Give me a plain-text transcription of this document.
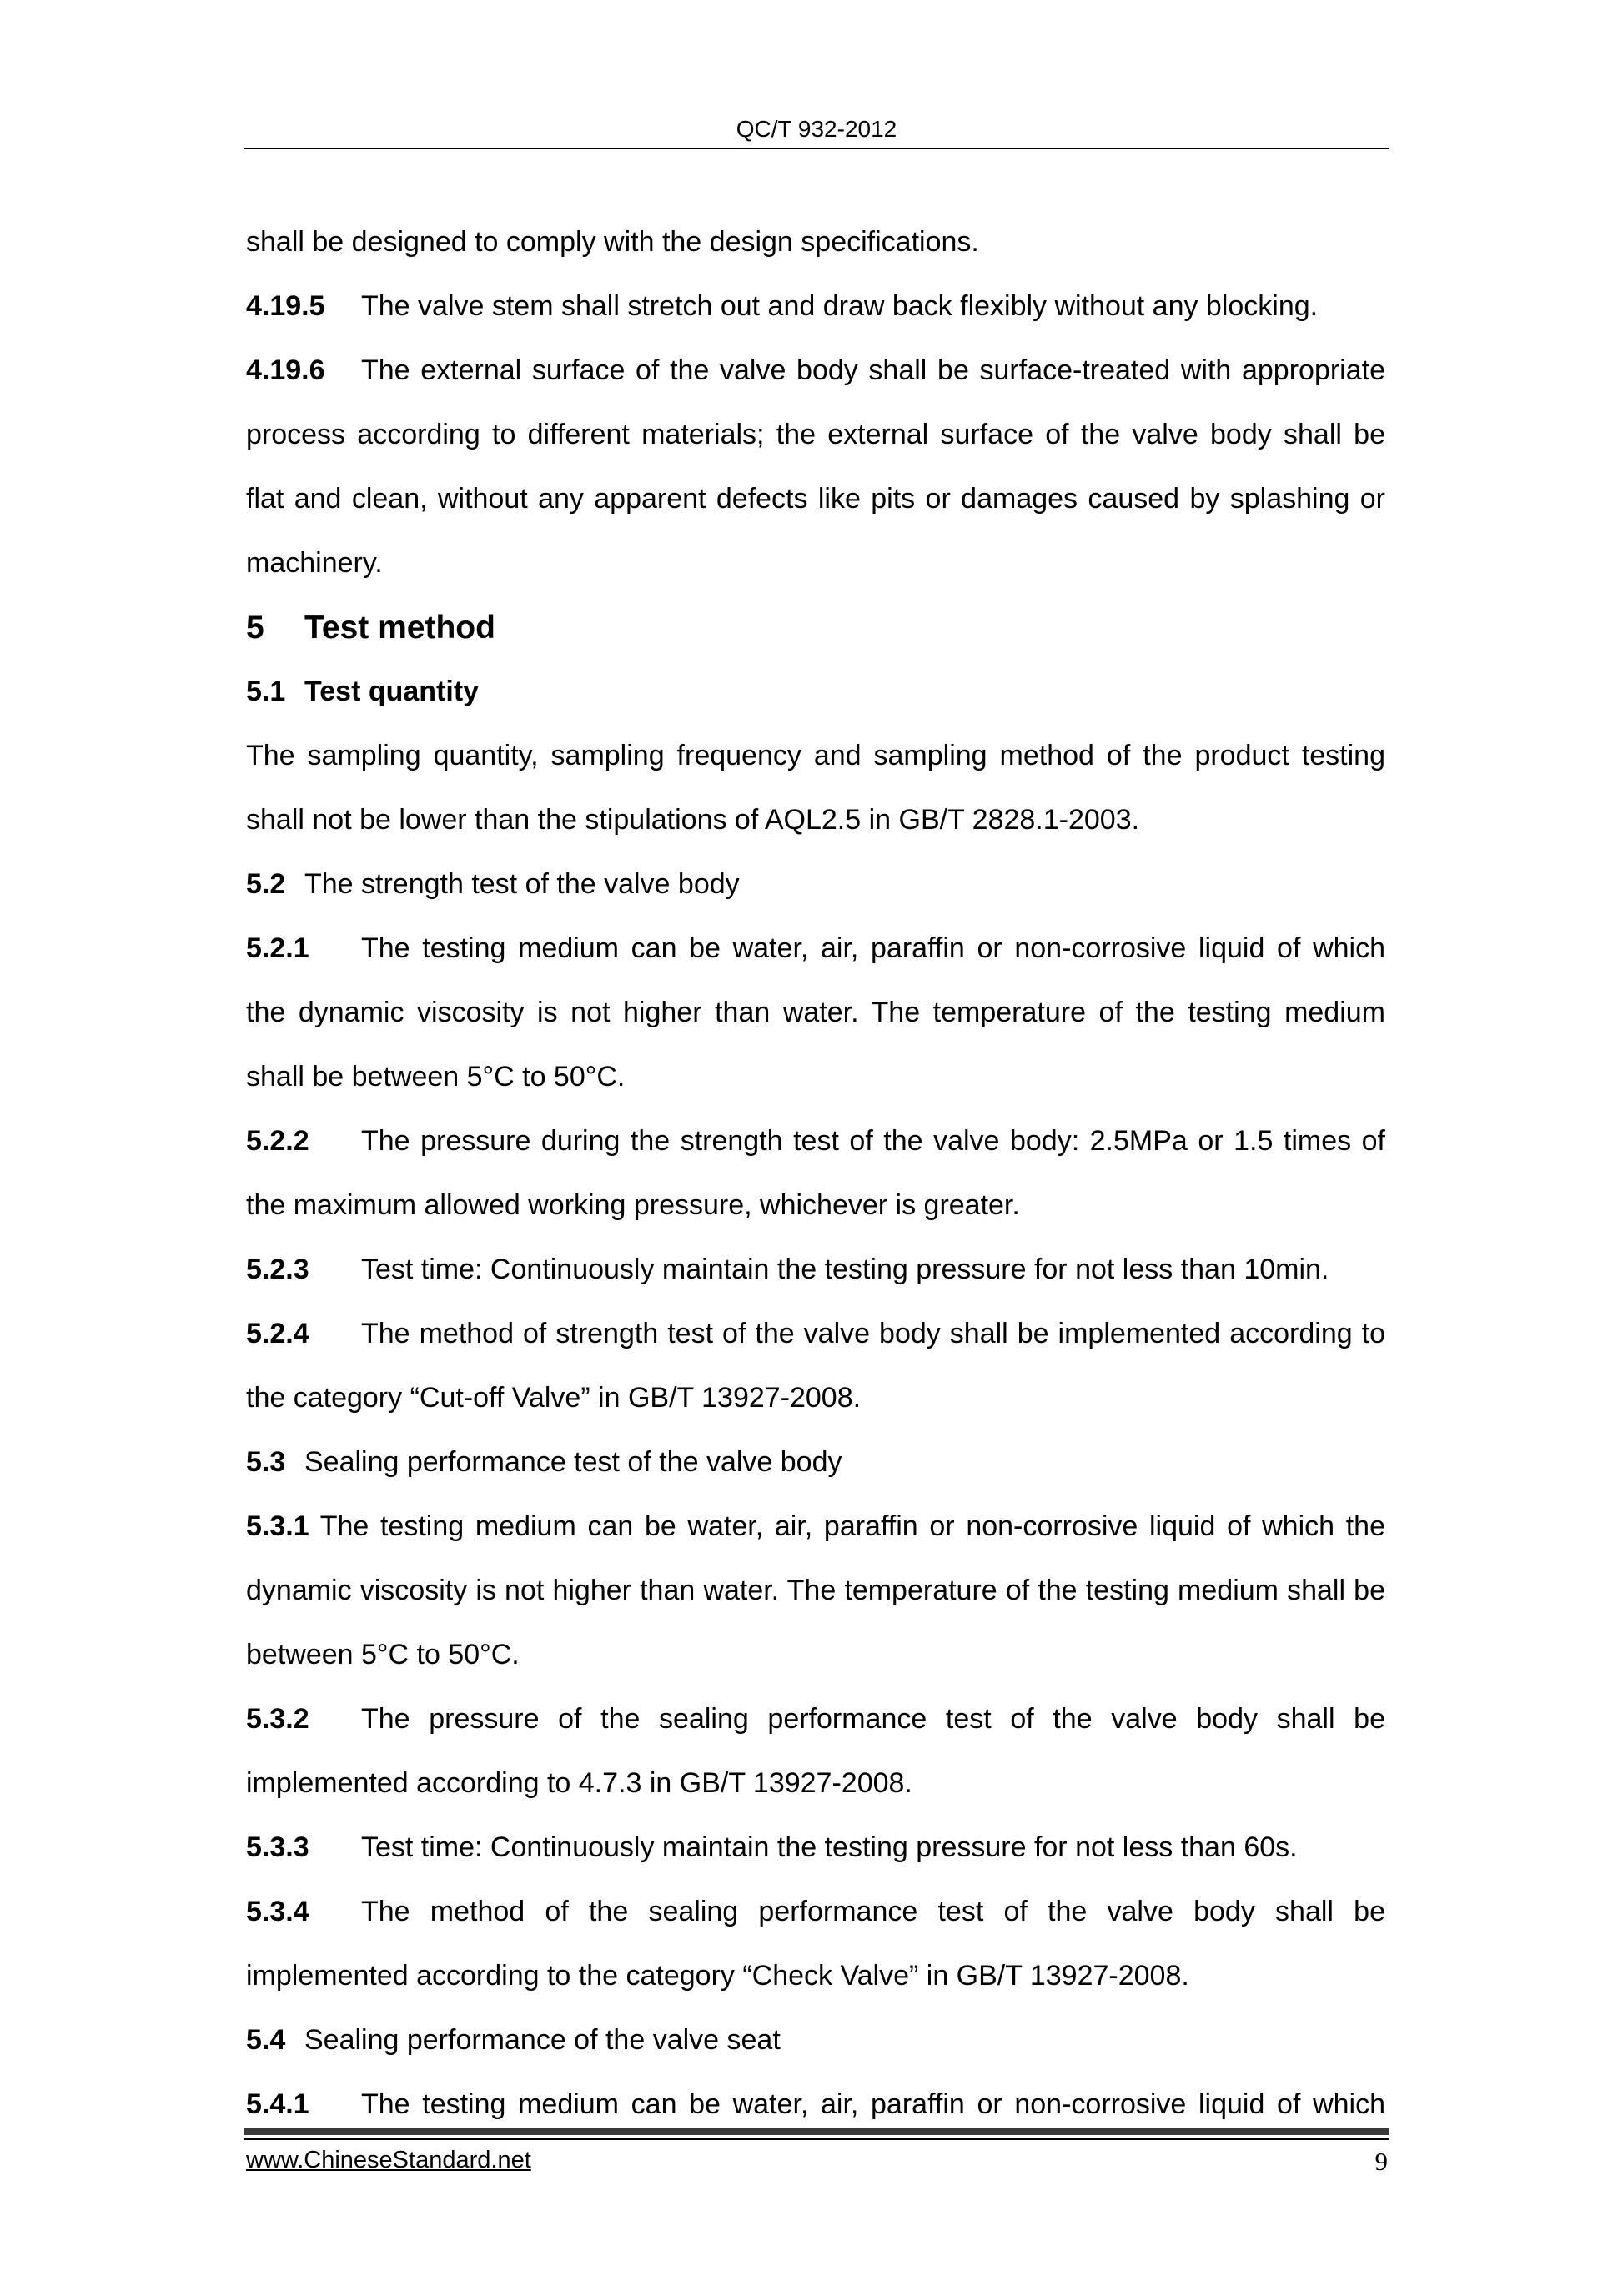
QC/T 932-2012
shall be designed to comply with the design specifications.
4.19.5 The valve stem shall stretch out and draw back flexibly without any blocking.
4.19.6 The external surface of the valve body shall be surface-treated with appropriate
process according to different materials; the external surface of the valve body shall be
flat and clean, without any apparent defects like pits or damages caused by splashing or
machinery.
5 Test method
5.1 Test quantity
The sampling quantity, sampling frequency and sampling method of the product testing
shall not be lower than the stipulations of AQL2.5 in GB/T 2828.1-2003.
5.2 The strength test of the valve body
5.2.1 The testing medium can be water, air, paraffin or non-corrosive liquid of which
the dynamic viscosity is not higher than water. The temperature of the testing medium
shall be between 5°C to 50°C.
5.2.2 The pressure during the strength test of the valve body: 2.5MPa or 1.5 times of
the maximum allowed working pressure, whichever is greater.
5.2.3 Test time: Continuously maintain the testing pressure for not less than 10min.
5.2.4 The method of strength test of the valve body shall be implemented according to
the category “Cut-off Valve” in GB/T 13927-2008.
5.3 Sealing performance test of the valve body
5.3.1 The testing medium can be water, air, paraffin or non-corrosive liquid of which the
dynamic viscosity is not higher than water. The temperature of the testing medium shall be
between 5°C to 50°C.
5.3.2 The pressure of the sealing performance test of the valve body shall be
implemented according to 4.7.3 in GB/T 13927-2008.
5.3.3 Test time: Continuously maintain the testing pressure for not less than 60s.
5.3.4 The method of the sealing performance test of the valve body shall be
implemented according to the category “Check Valve” in GB/T 13927-2008.
5.4 Sealing performance of the valve seat
5.4.1 The testing medium can be water, air, paraffin or non-corrosive liquid of which
www.ChineseStandard.net	9
